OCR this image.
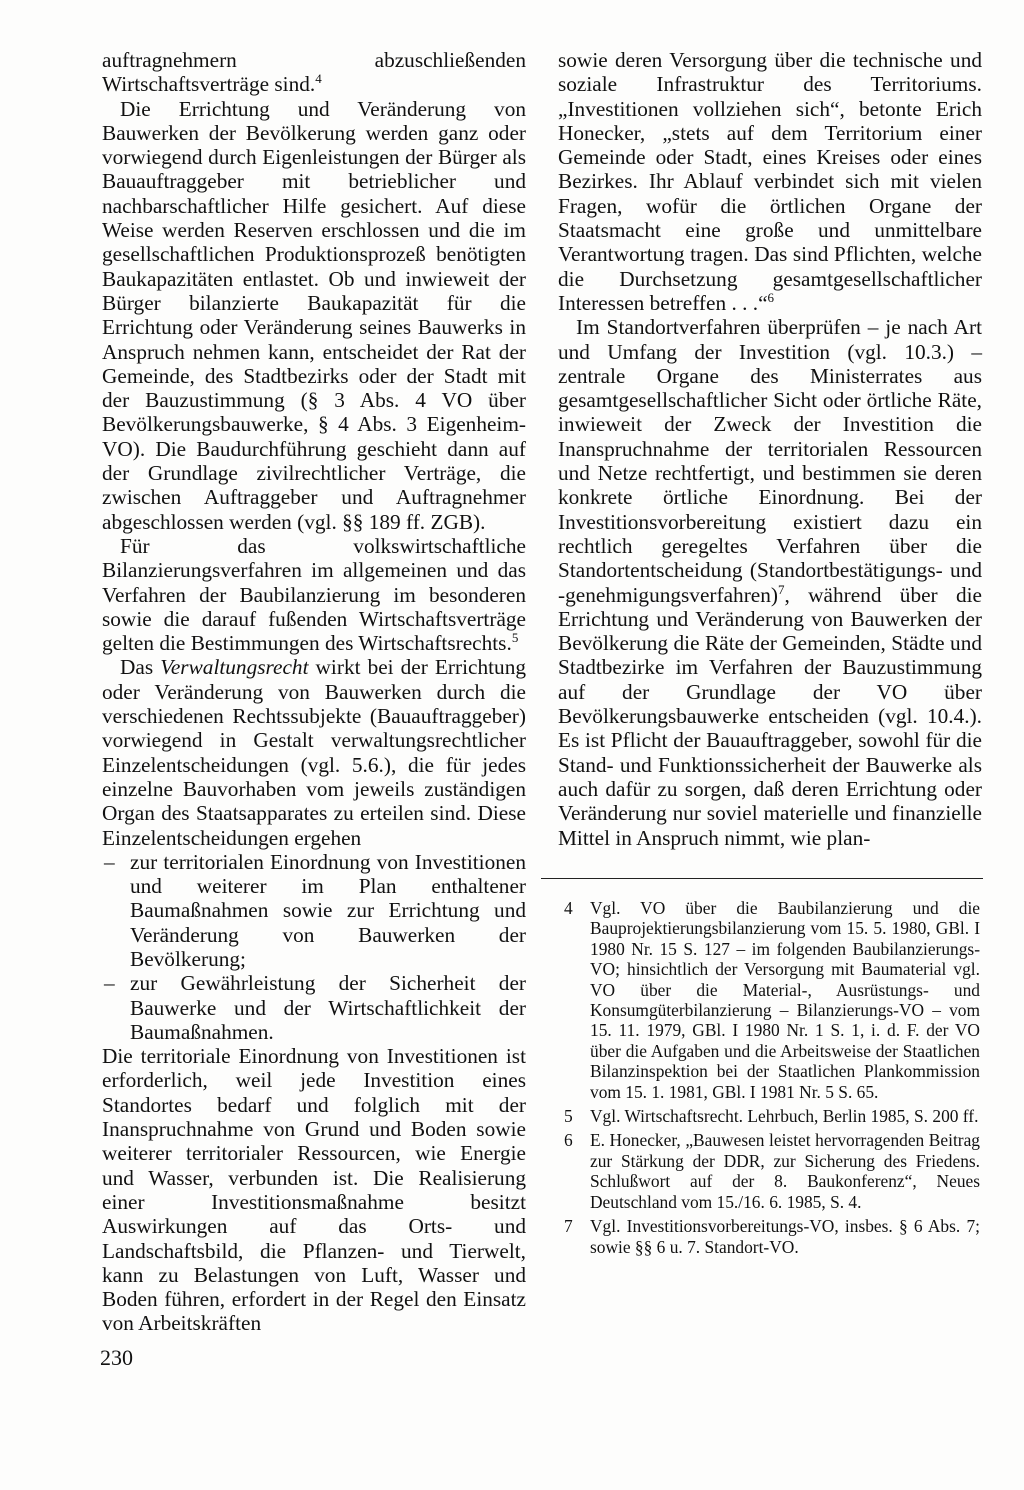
auftragnehmern abzuschließenden Wirtschaftsverträge sind.$^4$

Die Errichtung und Veränderung von Bauwerken der Bevölkerung werden ganz oder vorwiegend durch Eigenleistungen der Bürger als Bauauftraggeber mit betrieblicher und nachbarschaftlicher Hilfe gesichert. Auf diese Weise werden Reserven erschlossen und die im gesellschaftlichen Produktionsprozeß benötigten Baukapazitäten entlastet. Ob und inwieweit der Bürger bilanzierte Baukapazität für die Errichtung oder Veränderung seines Bauwerks in Anspruch nehmen kann, entscheidet der Rat der Gemeinde, des Stadtbezirks oder der Stadt mit der Bauzustimmung (§ 3 Abs. 4 VO über Bevölkerungsbauwerke, § 4 Abs. 3 Eigenheim-VO). Die Baudurchführung geschieht dann auf der Grundlage zivilrechtlicher Verträge, die zwischen Auftraggeber und Auftragnehmer abgeschlossen werden (vgl. §§ 189 ff. ZGB).

Für das volkswirtschaftliche Bilanzierungsverfahren im allgemeinen und das Verfahren der Baubilanzierung im besonderen sowie die darauf fußenden Wirtschaftsverträge gelten die Bestimmungen des Wirtschaftsrechts.$^5$

Das Verwaltungsrecht wirkt bei der Errichtung oder Veränderung von Bauwerken durch die verschiedenen Rechtssubjekte (Bauauftraggeber) vorwiegend in Gestalt verwaltungsrechtlicher Einzelentscheidungen (vgl. 5.6.), die für jedes einzelne Bauvorhaben vom jeweils zuständigen Organ des Staatsapparates zu erteilen sind. Diese Einzelentscheidungen ergehen

– zur territorialen Einordnung von Investitionen und weiterer im Plan enthaltener Baumaßnahmen sowie zur Errichtung und Veränderung von Bauwerken der Bevölkerung;
– zur Gewährleistung der Sicherheit der Bauwerke und der Wirtschaftlichkeit der Baumaßnahmen.

Die territoriale Einordnung von Investitionen ist erforderlich, weil jede Investition eines Standortes bedarf und folglich mit der Inanspruchnahme von Grund und Boden sowie weiterer territorialer Ressourcen, wie Energie und Wasser, verbunden ist. Die Realisierung einer Investitionsmaßnahme besitzt Auswirkungen auf das Orts- und Landschaftsbild, die Pflanzen- und Tierwelt, kann zu Belastungen von Luft, Wasser und Boden führen, erfordert in der Regel den Einsatz von Arbeitskräften

sowie deren Versorgung über die technische und soziale Infrastruktur des Territoriums. „Investitionen vollziehen sich“, betonte Erich Honecker, „stets auf dem Territorium einer Gemeinde oder Stadt, eines Kreises oder eines Bezirkes. Ihr Ablauf verbindet sich mit vielen Fragen, wofür die örtlichen Organe der Staatsmacht eine große und unmittelbare Verantwortung tragen. Das sind Pflichten, welche die Durchsetzung gesamtgesellschaftlicher Interessen betreffen . . .“$^6$

Im Standortverfahren überprüfen – je nach Art und Umfang der Investition (vgl. 10.3.) – zentrale Organe des Ministerrates aus gesamtgesellschaftlicher Sicht oder örtliche Räte, inwieweit der Zweck der Investition die Inanspruchnahme der territorialen Ressourcen und Netze rechtfertigt, und bestimmen sie deren konkrete örtliche Einordnung. Bei der Investitionsvorbereitung existiert dazu ein rechtlich geregeltes Verfahren über die Standortentscheidung (Standortbestätigungs- und -genehmigungsverfahren)$^7$, während über die Errichtung und Veränderung von Bauwerken der Bevölkerung die Räte der Gemeinden, Städte und Stadtbezirke im Verfahren der Bauzustimmung auf der Grundlage der VO über Bevölkerungsbauwerke entscheiden (vgl. 10.4.). Es ist Pflicht der Bauauftraggeber, sowohl für die Stand- und Funktionssicherheit der Bauwerke als auch dafür zu sorgen, daß deren Errichtung oder Veränderung nur soviel materielle und finanzielle Mittel in Anspruch nimmt, wie plan-

4 Vgl. VO über die Baubilanzierung und die Bauprojektierungsbilanzierung vom 15. 5. 1980, GBl. I 1980 Nr. 15 S. 127 – im folgenden Baubilanzierungs-VO; hinsichtlich der Versorgung mit Baumaterial vgl. VO über die Material-, Ausrüstungs- und Konsumgüterbilanzierung – Bilanzierungs-VO – vom 15. 11. 1979, GBl. I 1980 Nr. 1 S. 1, i. d. F. der VO über die Aufgaben und die Arbeitsweise der Staatlichen Bilanzinspektion bei der Staatlichen Plankommission vom 15. 1. 1981, GBl. I 1981 Nr. 5 S. 65.

5 Vgl. Wirtschaftsrecht. Lehrbuch, Berlin 1985, S. 200 ff.

6 E. Honecker, „Bauwesen leistet hervorragenden Beitrag zur Stärkung der DDR, zur Sicherung des Friedens. Schlußwort auf der 8. Baukonferenz“, Neues Deutschland vom 15./16. 6. 1985, S. 4.

7 Vgl. Investitionsvorbereitungs-VO, insbes. § 6 Abs. 7; sowie §§ 6 u. 7. Standort-VO.

230
